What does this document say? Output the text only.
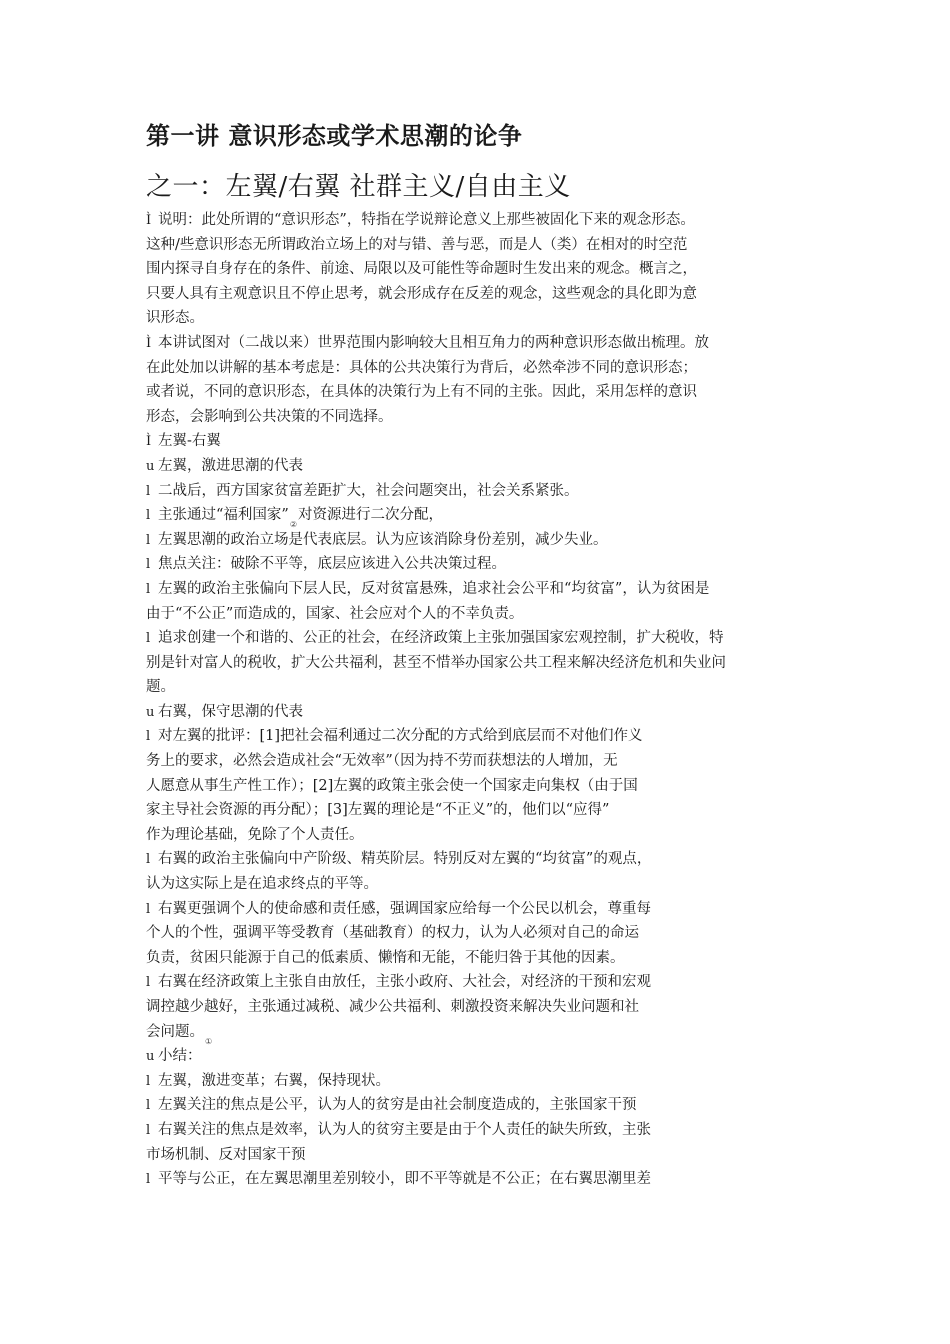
第一讲 意识形态或学术思潮的论争
之一：左翼/右翼 社群主义/自由主义
Ì 说明：此处所谓的“意识形态”，特指在学说辩论意义上那些被固化下来的观念形态。
这种/些意识形态无所谓政治立场上的对与错、善与恶，而是人（类）在相对的时空范
围内探寻自身存在的条件、前途、局限以及可能性等命题时生发出来的观念。概言之，
只要人具有主观意识且不停止思考，就会形成存在反差的观念，这些观念的具化即为意
识形态。
Ì 本讲试图对（二战以来）世界范围内影响较大且相互角力的两种意识形态做出梳理。放
在此处加以讲解的基本考虑是：具体的公共决策行为背后，必然牵涉不同的意识形态；
或者说，不同的意识形态，在具体的决策行为上有不同的主张。因此，采用怎样的意识
形态，会影响到公共决策的不同选择。
Ì 左翼-右翼
u 左翼，激进思潮的代表
l 二战后，西方国家贫富差距扩大，社会问题突出，社会关系紧张。
l 主张通过“福利国家$”_②$对资源进行二次分配，
l 左翼思潮的政治立场是代表底层。认为应该消除身份差别，减少失业。
l 焦点关注：破除不平等，底层应该进入公共决策过程。
l 左翼的政治主张偏向下层人民，反对贫富悬殊，追求社会公平和“均贫富”，认为贫困是
由于“不公正”而造成的，国家、社会应对个人的不幸负责。
l 追求创建一个和谐的、公正的社会，在经济政策上主张加强国家宏观控制，扩大税收，特
别是针对富人的税收，扩大公共福利，甚至不惜举办国家公共工程来解决经济危机和失业问
题。
u 右翼，保守思潮的代表
l 对左翼的批评：[1]把社会福利通过二次分配的方式给到底层而不对他们作义
务上的要求，必然会造成社会“无效率”（因为持不劳而获想法的人增加，无
人愿意从事生产性工作）；[2]左翼的政策主张会使一个国家走向集权（由于国
家主导社会资源的再分配）；[3]左翼的理论是“不正义”的，他们以“应得”
作为理论基础，免除了个人责任。
l 右翼的政治主张偏向中产阶级、精英阶层。特别反对左翼的“均贫富”的观点，
认为这实际上是在追求终点的平等。
l 右翼更强调个人的使命感和责任感，强调国家应给每一个公民以机会，尊重每
个人的个性，强调平等受教育（基础教育）的权力，认为人必须对自己的命运
负责，贫困只能源于自己的低素质、懒惰和无能，不能归咎于其他的因素。
l 右翼在经济政策上主张自由放任，主张小政府、大社会，对经济的干预和宏观
调控越少越好，主张通过减税、减少公共福利、刺激投资来解决失业问题和社
会问题。$_①$
u 小结：
l 左翼，激进变革；右翼，保持现状。
l 左翼关注的焦点是公平，认为人的贫穷是由社会制度造成的，主张国家干预
l 右翼关注的焦点是效率，认为人的贫穷主要是由于个人责任的缺失所致，主张
市场机制、反对国家干预
l 平等与公正，在左翼思潮里差别较小，即不平等就是不公正；在右翼思潮里差
